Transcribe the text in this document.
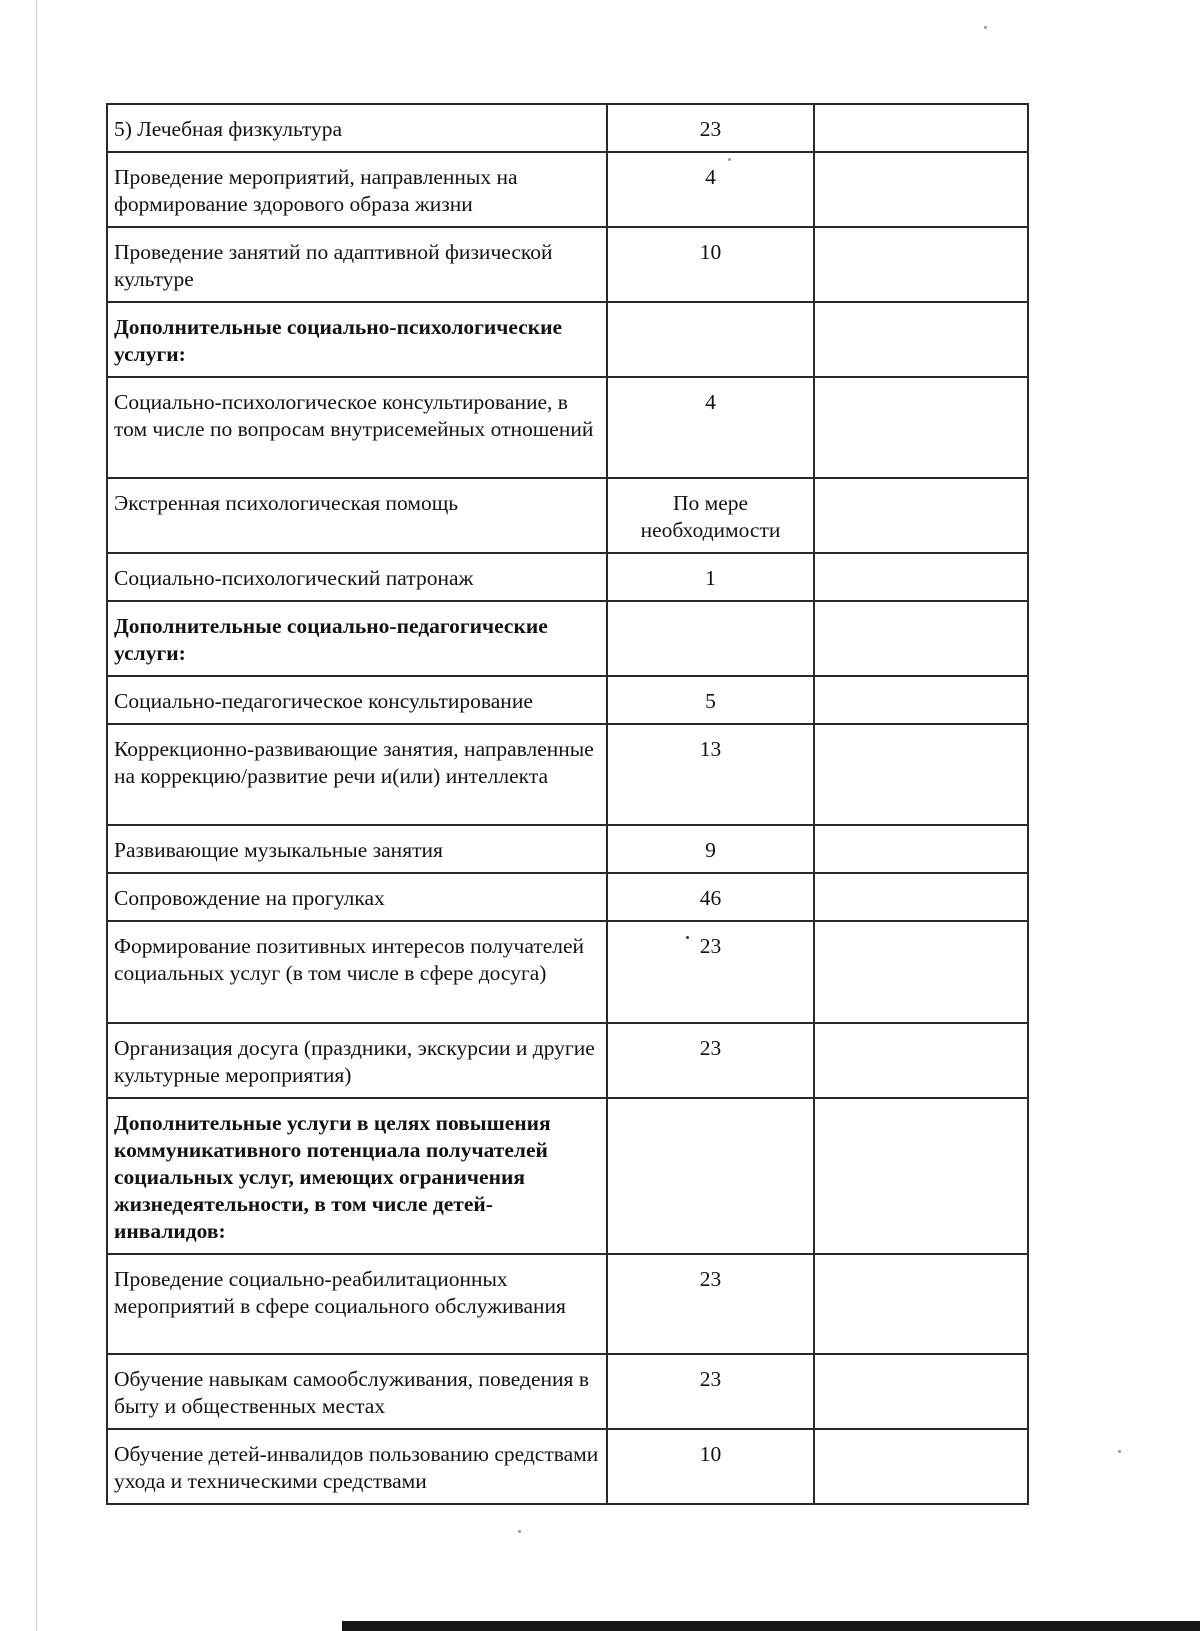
5) Лечебная физкультура	23	
Проведение мероприятий, направленных на формирование здорового образа жизни	4	
Проведение занятий по адаптивной физической культуре	10	
Дополнительные социально-психологические услуги:		
Социально-психологическое консультирование, в том числе по вопросам внутрисемейных отношений	4	
Экстренная психологическая помощь	По мере необходимости	
Социально-психологический патронаж	1	
Дополнительные социально-педагогические услуги:		
Социально-педагогическое консультирование	5	
Коррекционно-развивающие занятия, направленные на коррекцию/развитие речи и(или) интеллекта	13	
Развивающие музыкальные занятия	9	
Сопровождение на прогулках	46	
Формирование позитивных интересов получателей социальных услуг (в том числе в сфере досуга)	23	
Организация досуга (праздники, экскурсии и другие культурные мероприятия)	23	
Дополнительные услуги в целях повышения коммуникативного потенциала получателей социальных услуг, имеющих ограничения жизнедеятельности, в том числе детей-инвалидов:		
Проведение социально-реабилитационных мероприятий в сфере социального обслуживания	23	
Обучение навыкам самообслуживания, поведения в быту и общественных местах	23	
Обучение детей-инвалидов пользованию средствами ухода и техническими средствами	10	
